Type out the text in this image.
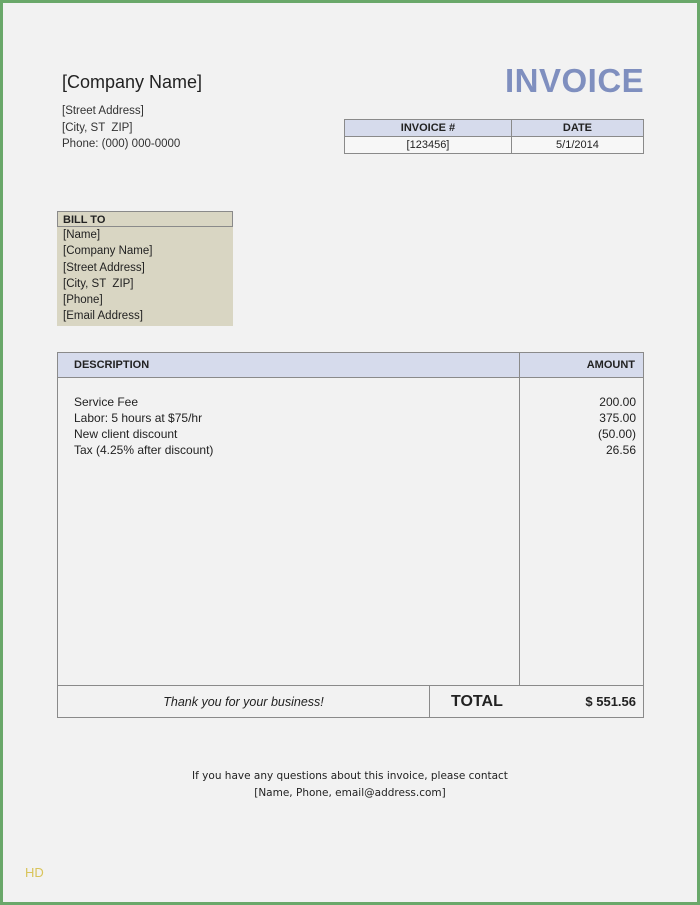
[Company Name]
[Street Address]
[City, ST  ZIP]
Phone: (000) 000-0000
INVOICE
INVOICE #	DATE
[123456]	5/1/2014
BILL TO
[Name]
[Company Name]
[Street Address]
[City, ST  ZIP]
[Phone]
[Email Address]
DESCRIPTION	AMOUNT
Service Fee	200.00
Labor: 5 hours at $75/hr	375.00
New client discount	(50.00)
Tax (4.25% after discount)	26.56
Thank you for your business!	TOTAL	$ 551.56
If you have any questions about this invoice, please contact
[Name, Phone, email@address.com]
HD
